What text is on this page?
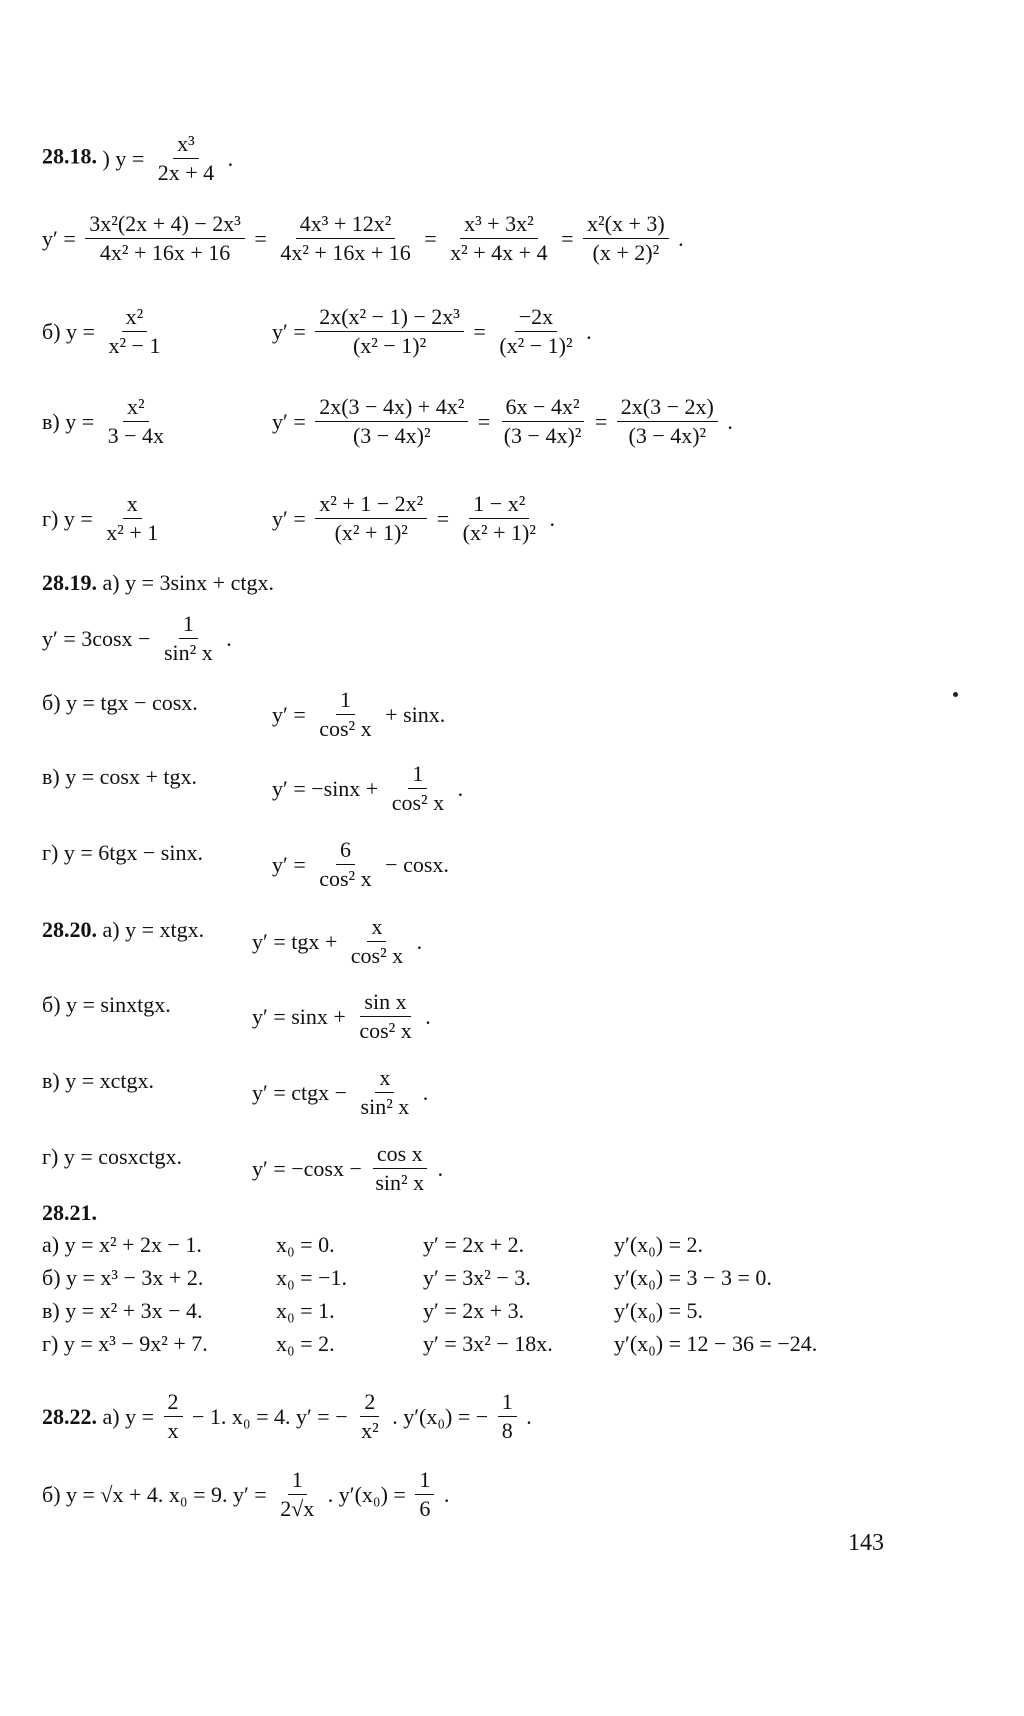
28.18. ) $y = \frac{\text{x³}}{2x + 4}$ .
$y' = \frac{\text{3x²(2x + 4) − 2x³}}{\text{4x² + 16x + 16}} = \frac{\text{4x³ + 12x²}}{\text{4x² + 16x + 16}} = \frac{\text{x³ + 3x²}}{\text{x² + 4x + 4}} = \frac{\text{x²(x + 3)}}{\text{(x + 2)²}}$ .
б) $y = \frac{\text{x²}}{\text{x² − 1}}$	$y' = \frac{\text{2x(x² − 1) − 2x³}}{\text{(x² − 1)²}} = \frac{-2x}{\text{(x² − 1)²}}$ .
в) $y = \frac{\text{x²}}{3 - 4x}$	$y' = \frac{\text{2x(3 − 4x) + 4x²}}{\text{(3 − 4x)²}} = \frac{\text{6x − 4x²}}{\text{(3 − 4x)²}} = \frac{2x(3 - 2x)}{\text{(3 − 4x)²}}$ .
г) $y = \frac{x}{\text{x² + 1}}$	$y' = \frac{\text{x² + 1 − 2x²}}{\text{(x² + 1)²}} = \frac{\text{1 − x²}}{\text{(x² + 1)²}}$ .
28.19. а) y = 3sinx + ctgx.
$y' = 3\cos x - \frac{1}{\text{sin² x}}$ .
б) y = tgx − cosx.	$y' = \frac{1}{\text{cos² x}} + \sin x$.
в) y = cosx + tgx.	$y' = -\sin x + \frac{1}{\text{cos² x}}$ .
г) y = 6tgx − sinx.	$y' = \frac{6}{\text{cos² x}} - \cos x$.
28.20. а) y = xtgx. y′ = tgx + $\frac{x}{\text{cos² x}}$ .
б) y = sinxtgx.	$y' = \sin x + \frac{\text{sin x}}{\text{cos² x}}$ .
в) y = xctgx.	y′ = ctgx − $\frac{x}{\text{sin² x}}$ .
г) y = cosxctgx.	$y' = -\cos x - \frac{\text{cos x}}{\text{sin² x}}$ .
28.21.
а) y = x² + 2x − 1.	x₀ = 0.	y′ = 2x + 2.	y′(x₀) = 2.
б) y = x³ − 3x + 2.	x₀ = −1.	y′ = 3x² − 3.	y′(x₀) = 3 − 3 = 0.
в) y = x² + 3x − 4.	x₀ = 1.	y′ = 2x + 3.	y′(x₀) = 5.
г) y = x³ − 9x² + 7.	x₀ = 2.	y′ = 3x² − 18x.	y′(x₀) = 12 − 36 = −24.
28.22. а) $y = \frac{2}{x} - 1$. x₀ = 4. y′ = − $\frac{2}{\text{x²}}$ . y′(x₀) = − $\frac{1}{8}$ .
б) y = √x + 4. x₀ = 9. $y' = \frac{1}{2√x}$ . $y'(x_0) = \frac{1}{6}$ .
143
